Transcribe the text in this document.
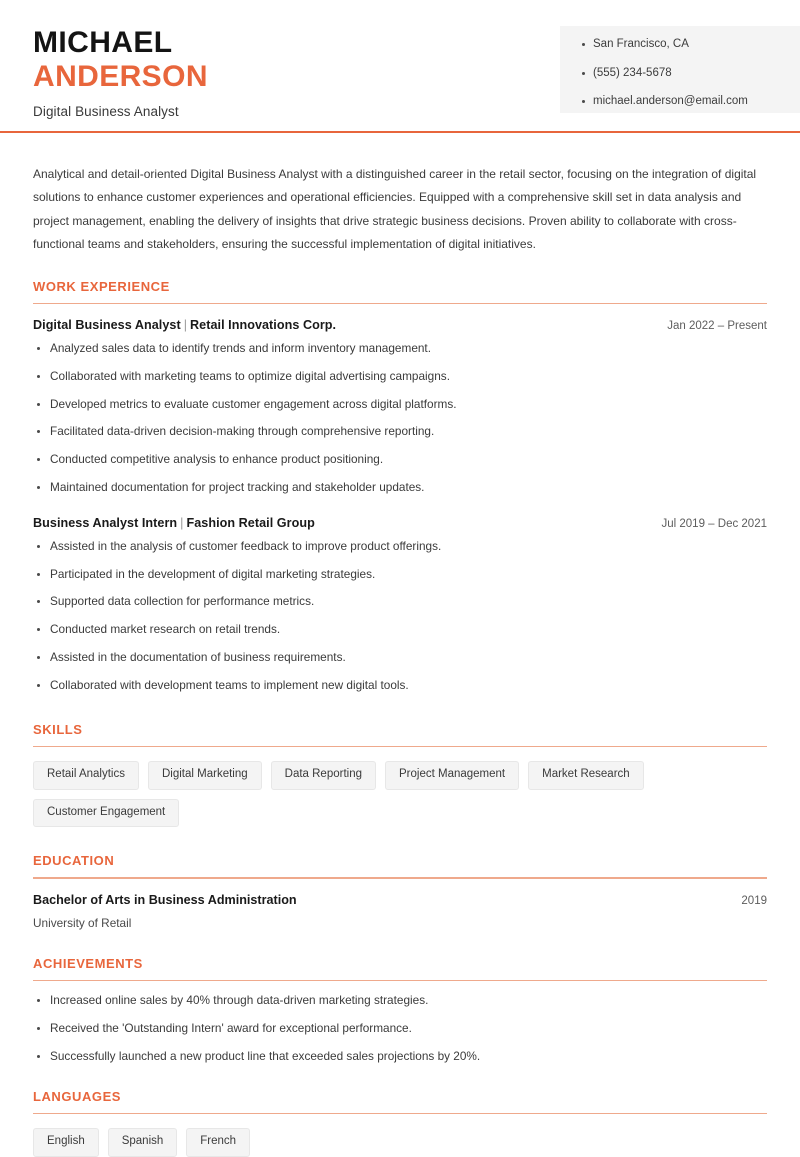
MICHAEL
ANDERSON
Digital Business Analyst
San Francisco, CA
(555) 234-5678
michael.anderson@email.com

Analytical and detail-oriented Digital Business Analyst with a distinguished career in the retail sector, focusing on the integration of digital solutions to enhance customer experiences and operational efficiencies. Equipped with a comprehensive skill set in data analysis and project management, enabling the delivery of insights that drive strategic business decisions. Proven ability to collaborate with cross-functional teams and stakeholders, ensuring the successful implementation of digital initiatives.

WORK EXPERIENCE
Digital Business Analyst | Retail Innovations Corp.	Jan 2022 – Present
Analyzed sales data to identify trends and inform inventory management.
Collaborated with marketing teams to optimize digital advertising campaigns.
Developed metrics to evaluate customer engagement across digital platforms.
Facilitated data-driven decision-making through comprehensive reporting.
Conducted competitive analysis to enhance product positioning.
Maintained documentation for project tracking and stakeholder updates.
Business Analyst Intern | Fashion Retail Group	Jul 2019 – Dec 2021
Assisted in the analysis of customer feedback to improve product offerings.
Participated in the development of digital marketing strategies.
Supported data collection for performance metrics.
Conducted market research on retail trends.
Assisted in the documentation of business requirements.
Collaborated with development teams to implement new digital tools.
SKILLS
Retail Analytics	Digital Marketing	Data Reporting	Project Management	Market Research
Customer Engagement
EDUCATION
Bachelor of Arts in Business Administration	2019
University of Retail
ACHIEVEMENTS
Increased online sales by 40% through data-driven marketing strategies.
Received the 'Outstanding Intern' award for exceptional performance.
Successfully launched a new product line that exceeded sales projections by 20%.
LANGUAGES
English	Spanish	French
